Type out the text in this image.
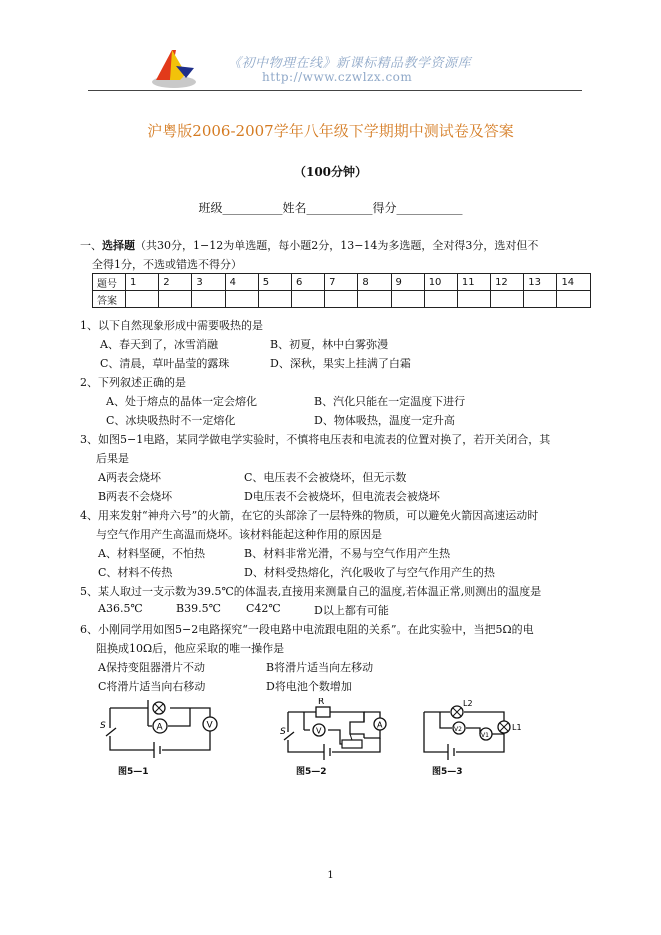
《初中物理在线》新课标精品教学资源库
http://www.czwlzx.com
沪粤版2006-2007学年八年级下学期期中测试卷及答案
（100分钟）
班级__________姓名___________得分___________
一、选择题（共30分，1−12为单选题，每小题2分，13−14为多选题，全对得3分，选对但不
全得1分，不选或错选不得分）
题号	1	2	3	4	5	6	7	8	9	10	11	12	13	14
答案														
1、以下自然现象形成中需要吸热的是
A、春天到了，冰雪消融	B、初夏，林中白雾弥漫
C、清晨，草叶晶莹的露珠	D、深秋，果实上挂满了白霜
2、下列叙述正确的是
A、处于熔点的晶体一定会熔化	B、汽化只能在一定温度下进行
C、冰块吸热时不一定熔化	D、物体吸热，温度一定升高
3、如图5−1电路，某同学做电学实验时，不慎将电压表和电流表的位置对换了，若开关闭合，其
后果是
A两表会烧坏	C、电压表不会被烧坏，但无示数
B两表不会烧坏	D电压表不会被烧坏，但电流表会被烧坏
4、用来发射“神舟六号”的火箭，在它的头部涂了一层特殊的物质，可以避免火箭因高速运动时
与空气作用产生高温而烧坏。该材料能起这种作用的原因是
A、材料坚硬，不怕热	B、材料非常光滑，不易与空气作用产生热
C、材料不传热	D、材料受热熔化，汽化吸收了与空气作用产生的热
5、某人取过一支示数为39.5℃的体温表,直接用来测量自己的温度,若体温正常,则测出的温度是
A36.5℃	B39.5℃ C42℃	D以上都有可能
6、小刚同学用如图5−2电路探究“一段电路中电流跟电阻的关系”。在此实验中，当把5Ω的电
阻换成10Ω后，他应采取的唯一操作是
A保持变阻器滑片不动	B将滑片适当向左移动
C将滑片适当向右移动	D将电池个数增加
A	V
S
图5—1
R
V
A
S
图5—2
L2
V2
V1
L1
图5—3
1
